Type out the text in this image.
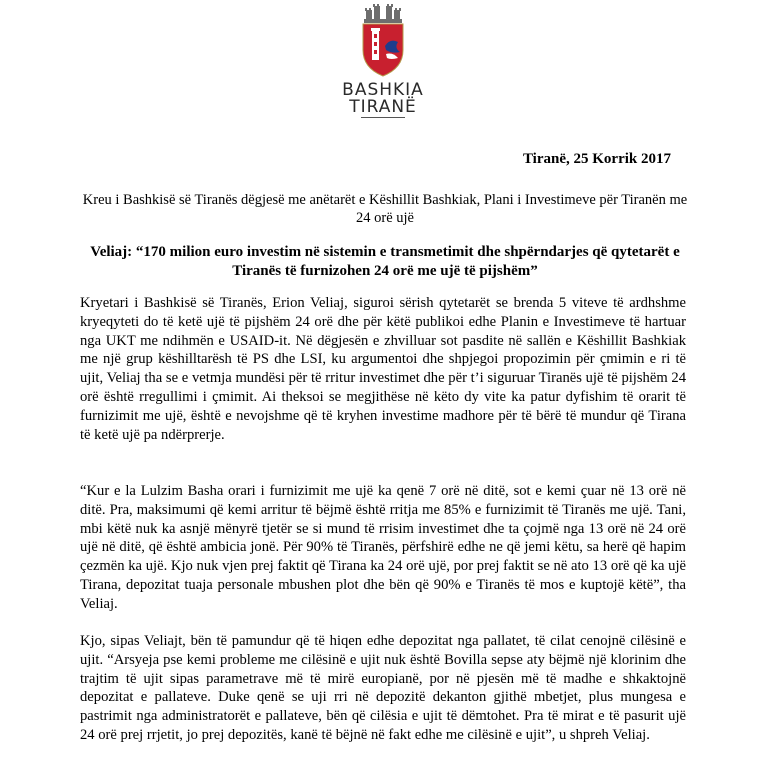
BASHKIA
TIRANË
Tiranë, 25 Korrik 2017
Kreu i Bashkisë së Tiranës dëgjesë me anëtarët e Këshillit Bashkiak, Plani i Investimeve për Tiranën me 24 orë ujë
Veliaj: “170 milion euro investim në sistemin e transmetimit dhe shpërndarjes që qytetarët e Tiranës të furnizohen 24 orë me ujë të pijshëm”

Kryetari i Bashkisë së Tiranës, Erion Veliaj, siguroi sërish qytetarët se brenda 5 viteve të ardhshme kryeqyteti do të ketë ujë të pijshëm 24 orë dhe për këtë publikoi edhe Planin e Investimeve të hartuar nga UKT me ndihmën e USAID-it. Në dëgjesën e zhvilluar sot pasdite në sallën e Këshillit Bashkiak me një grup këshilltarësh të PS dhe LSI, ku argumentoi dhe shpjegoi propozimin për çmimin e ri të ujit, Veliaj tha se e vetmja mundësi për të rritur investimet dhe për t’i siguruar Tiranës ujë të pijshëm 24 orë është rregullimi i çmimit. Ai theksoi se megjithëse në këto dy vite ka patur dyfishim të orarit të furnizimit me ujë, është e nevojshme që të kryhen investime madhore për të bërë të mundur që Tirana të ketë ujë pa ndërprerje.

“Kur e la Lulzim Basha orari i furnizimit me ujë ka qenë 7 orë në ditë, sot e kemi çuar në 13 orë në ditë. Pra, maksimumi që kemi arritur të bëjmë është rritja me 85% e furnizimit të Tiranës me ujë. Tani, mbi këtë nuk ka asnjë mënyrë tjetër se si mund të rrisim investimet dhe ta çojmë nga 13 orë në 24 orë ujë në ditë, që është ambicia jonë. Për 90% të Tiranës, përfshirë edhe ne që jemi këtu, sa herë që hapim çezmën ka ujë. Kjo nuk vjen prej faktit që Tirana ka 24 orë ujë, por prej faktit se në ato 13 orë që ka ujë Tirana, depozitat tuaja personale mbushen plot dhe bën që 90% e Tiranës të mos e kuptojë këtë”, tha Veliaj.

Kjo, sipas Veliajt, bën të pamundur që të hiqen edhe depozitat nga pallatet, të cilat cenojnë cilësinë e ujit. “Arsyeja pse kemi probleme me cilësinë e ujit nuk është Bovilla sepse aty bëjmë një klorinim dhe trajtim të ujit sipas parametrave më të mirë europianë, por në pjesën më të madhe e shkaktojnë depozitat e pallateve. Duke qenë se uji rri në depozitë dekanton gjithë mbetjet, plus mungesa e pastrimit nga administratorët e pallateve, bën që cilësia e ujit të dëmtohet. Pra të mirat e të pasurit ujë 24 orë prej rrjetit, jo prej depozitës, kanë të bëjnë në fakt edhe me cilësinë e ujit”, u shpreh Veliaj.
